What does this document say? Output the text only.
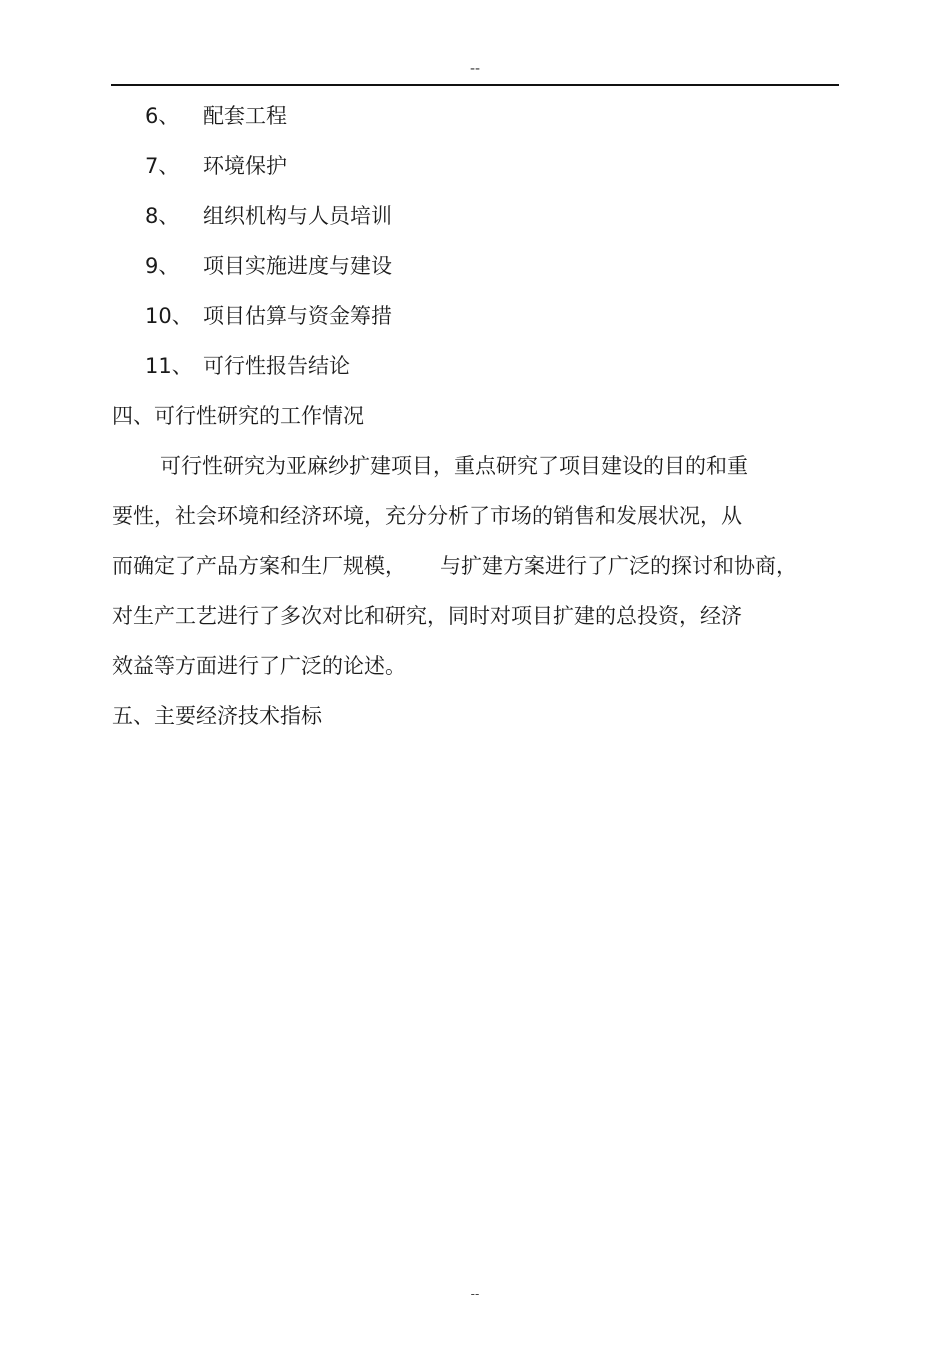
--
6、	配套工程
7、	环境保护
8、	组织机构与人员培训
9、	项目实施进度与建设
10、 项目估算与资金筹措
11、 可行性报告结论
四、可行性研究的工作情况
可行性研究为亚麻纱扩建项目，重点研究了项目建设的目的和重
要性，社会环境和经济环境，充分分析了市场的销售和发展状况，从
而确定了产品方案和生厂规模， 与扩建方案进行了广泛的探讨和协商，
对生产工艺进行了多次对比和研究，同时对项目扩建的总投资，经济
效益等方面进行了广泛的论述。
五、主要经济技术指标
--
